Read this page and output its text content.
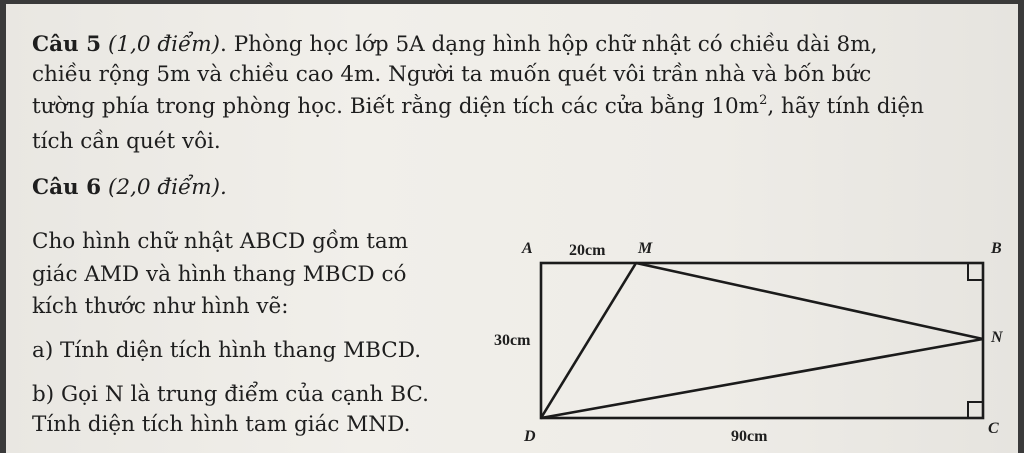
Câu 5 (1,0 điểm). Phòng học lớp 5A dạng hình hộp chữ nhật có chiều dài 8m,
chiều rộng 5m và chiều cao 4m. Người ta muốn quét vôi trần nhà và bốn bức
tường phía trong phòng học. Biết rằng diện tích các cửa bằng $10m^2$, hãy tính diện
tích cần quét vôi.
Câu 6 (2,0 điểm).
Cho hình chữ nhật ABCD gồm tam
giác AMD và hình thang MBCD có
kích thước như hình vẽ:
a) Tính diện tích hình thang MBCD.
b) Gọi N là trung điểm của cạnh BC.
Tính diện tích hình tam giác MND.
A 20cm M	B
30cm	N
D	90cm	C
